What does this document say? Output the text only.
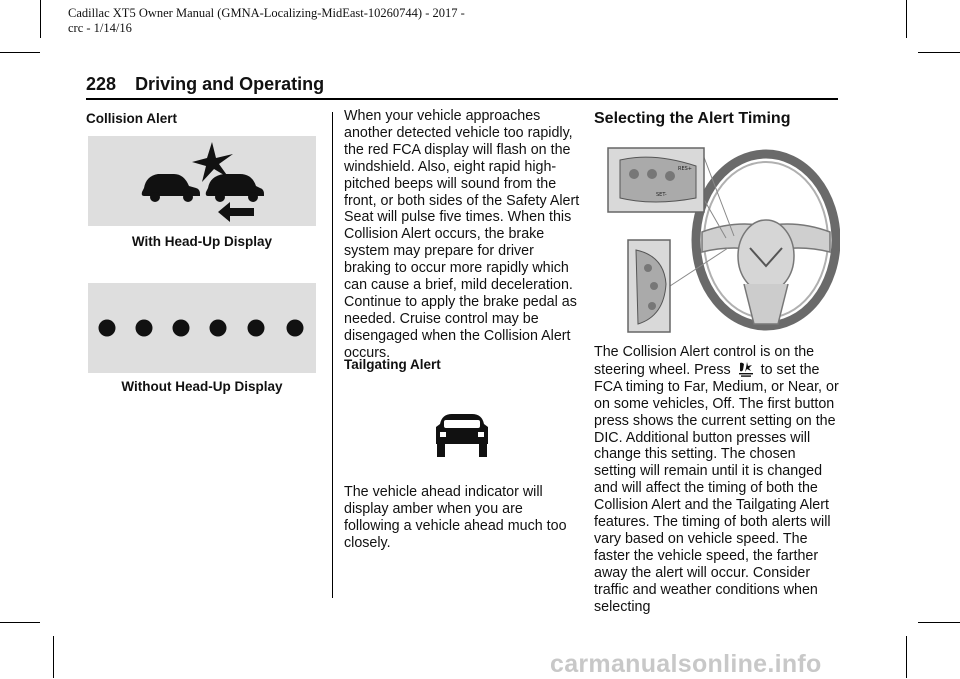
Cadillac XT5 Owner Manual (GMNA-Localizing-MidEast-10260744) - 2017 -
crc - 1/14/16
228 Driving and Operating
Collision Alert
With Head-Up Display
Without Head-Up Display
When your vehicle approaches another detected vehicle too rapidly, the red FCA display will flash on the windshield. Also, eight rapid high-pitched beeps will sound from the front, or both sides of the Safety Alert Seat will pulse five times. When this Collision Alert occurs, the brake system may prepare for driver braking to occur more rapidly which can cause a brief, mild deceleration. Continue to apply the brake pedal as needed. Cruise control may be disengaged when the Collision Alert occurs.
Tailgating Alert
The vehicle ahead indicator will display amber when you are following a vehicle ahead much too closely.
Selecting the Alert Timing
RES+
SET-
The Collision Alert control is on the steering wheel. Press to set the FCA timing to Far, Medium, or Near, or on some vehicles, Off. The first button press shows the current setting on the DIC. Additional button presses will change this setting. The chosen setting will remain until it is changed and will affect the timing of both the Collision Alert and the Tailgating Alert features. The timing of both alerts will vary based on vehicle speed. The faster the vehicle speed, the farther away the alert will occur. Consider traffic and weather conditions when selecting
carmanualsonline.info
